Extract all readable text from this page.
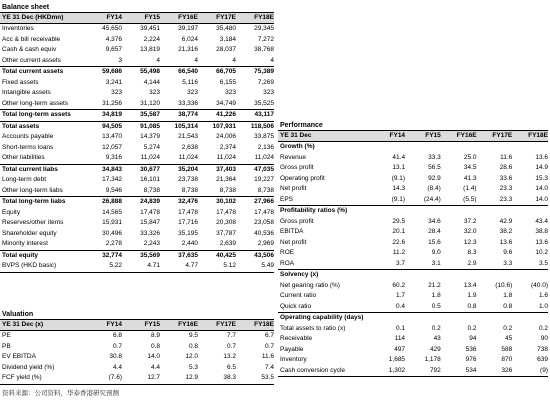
Balance sheet
YE 31 Dec (HKDmn)	FY14	FY15	FY16E	FY17E	FY18E
Inventories	45,650	39,451	39,197	35,480	29,345
Acc & bill receivable	4,376	2,224	6,024	3,184	7,272
Cash & cash equiv	9,657	13,819	21,316	28,037	38,768
Other current assets	3	4	4	4	4
Total current assets	59,686	55,498	66,540	66,705	75,389
Fixed assets	3,241	4,144	5,116	6,155	7,269
Intangible assets	323	323	323	323	323
Other long-term assets	31,256	31,120	33,336	34,749	35,525
Total long-term assets	34,819	35,587	38,774	41,226	43,117
Total assets	94,505	91,085	105,314	107,931	118,506
Accounts payable	13,470	14,379	21,543	24,006	33,875
Short-terms loans	12,057	5,274	2,638	2,374	2,136
Other liabilities	9,316	11,024	11,024	11,024	11,024
Total current liabs	34,843	30,677	35,204	37,403	47,035
Long-term debt	17,342	16,101	23,738	21,364	19,227
Other long-term liabs	9,546	8,738	8,738	8,738	8,738
Total long-term liabs	26,888	24,839	32,476	30,102	27,966
Equity	14,565	17,478	17,478	17,478	17,478
Reserves/other items	15,931	15,847	17,716	20,308	23,058
Shareholder equity	30,496	33,326	35,195	37,787	40,536
Minority interest	2,278	2,243	2,440	2,639	2,969
Total equity	32,774	35,569	37,635	40,425	43,506
BVPS (HKD basic)	5.22	4.71	4.77	5.12	5.49
Valuation
YE 31 Dec (x)	FY14	FY15	FY16E	FY17E	FY18E
PE	6.8	8.9	9.5	7.7	6.7
PB	0.7	0.8	0.8	0.7	0.7
EV EBITDA	30.8	14.0	12.0	13.2	11.6
Dividend yield (%)	4.4	4.4	5.3	6.5	7.4
FCF yield (%)	(7.6)	12.7	12.9	38.3	53.5
Performance
YE 31 Dec	FY14	FY15	FY16E	FY17E	FY18E
Growth (%)
Revenue	41.4	33.3	25.0	11.6	13.6
Gross profit	13.1	56.5	34.5	28.6	14.9
Operating profit	(9.1)	92.9	41.3	33.6	15.3
Net profit	14.3	(8.4)	(1.4)	23.3	14.0
EPS	(9.1)	(24.4)	(5.5)	23.3	14.0
Profitability ratios (%)
Gross profit	29.5	34.6	37.2	42.9	43.4
EBITDA	20.1	28.4	32.0	38.2	38.8
Net profit	22.6	15.6	12.3	13.6	13.6
ROE	11.2	9.0	8.3	9.6	10.2
ROA	3.7	3.1	2.9	3.3	3.5
Solvency (x)
Net gearing ratio (%)	60.2	21.2	13.4	(10.6)	(40.0)
Current ratio	1.7	1.8	1.9	1.8	1.6
Quick ratio	0.4	0.5	0.8	0.8	1.0
Operating capability (days)
Total assets to ratio (x)	0.1	0.2	0.2	0.2	0.2
Receivable	114	43	94	45	90
Payable	497	429	536	588	738
Inventory	1,685	1,178	976	870	639
Cash conversion cycle	1,302	792	534	326	(9)
资料来源：公司资料，华泰香港研究预测
